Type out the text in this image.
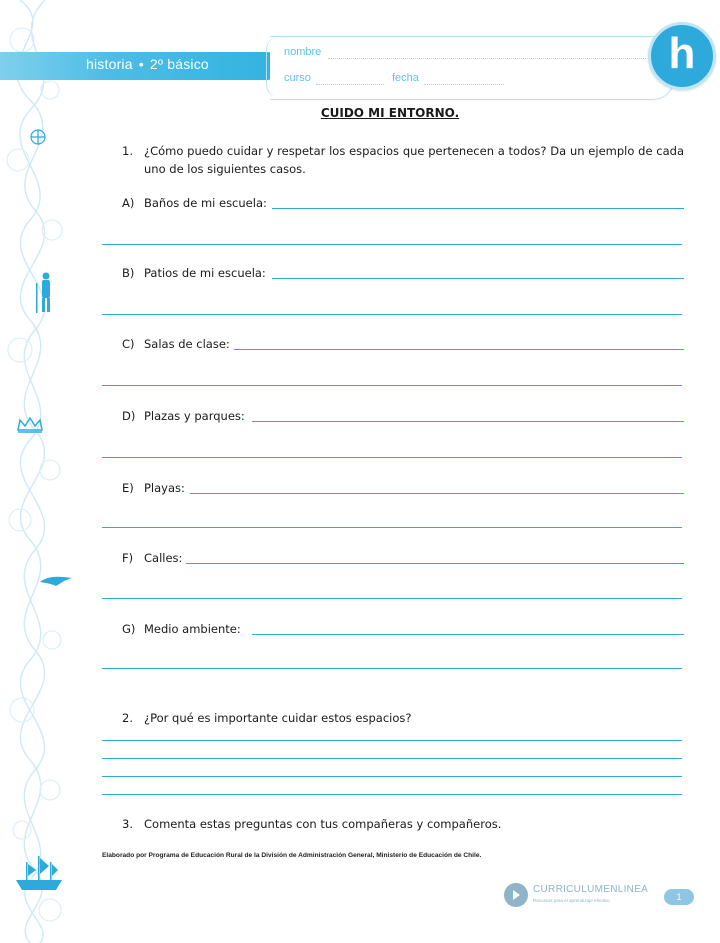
historia • 2º básico
nombre
curso	fecha	h
CUIDO MI ENTORNO.
1. ¿Cómo puedo cuidar y respetar los espacios que pertenecen a todos? Da un ejemplo de cada uno de los siguientes casos.
A) Baños de mi escuela:
B) Patios de mi escuela:
C) Salas de clase:
D) Plazas y parques:
E) Playas:
F) Calles:
G) Medio ambiente:
2. ¿Por qué es importante cuidar estos espacios?
3. Comenta estas preguntas con tus compañeras y compañeros.
Elaborado por Programa de Educación Rural de la División de Administración General, Ministerio de Educación de Chile.
CURRICULUMENLINEA
Recursos para el aprendizaje efectivo	1
